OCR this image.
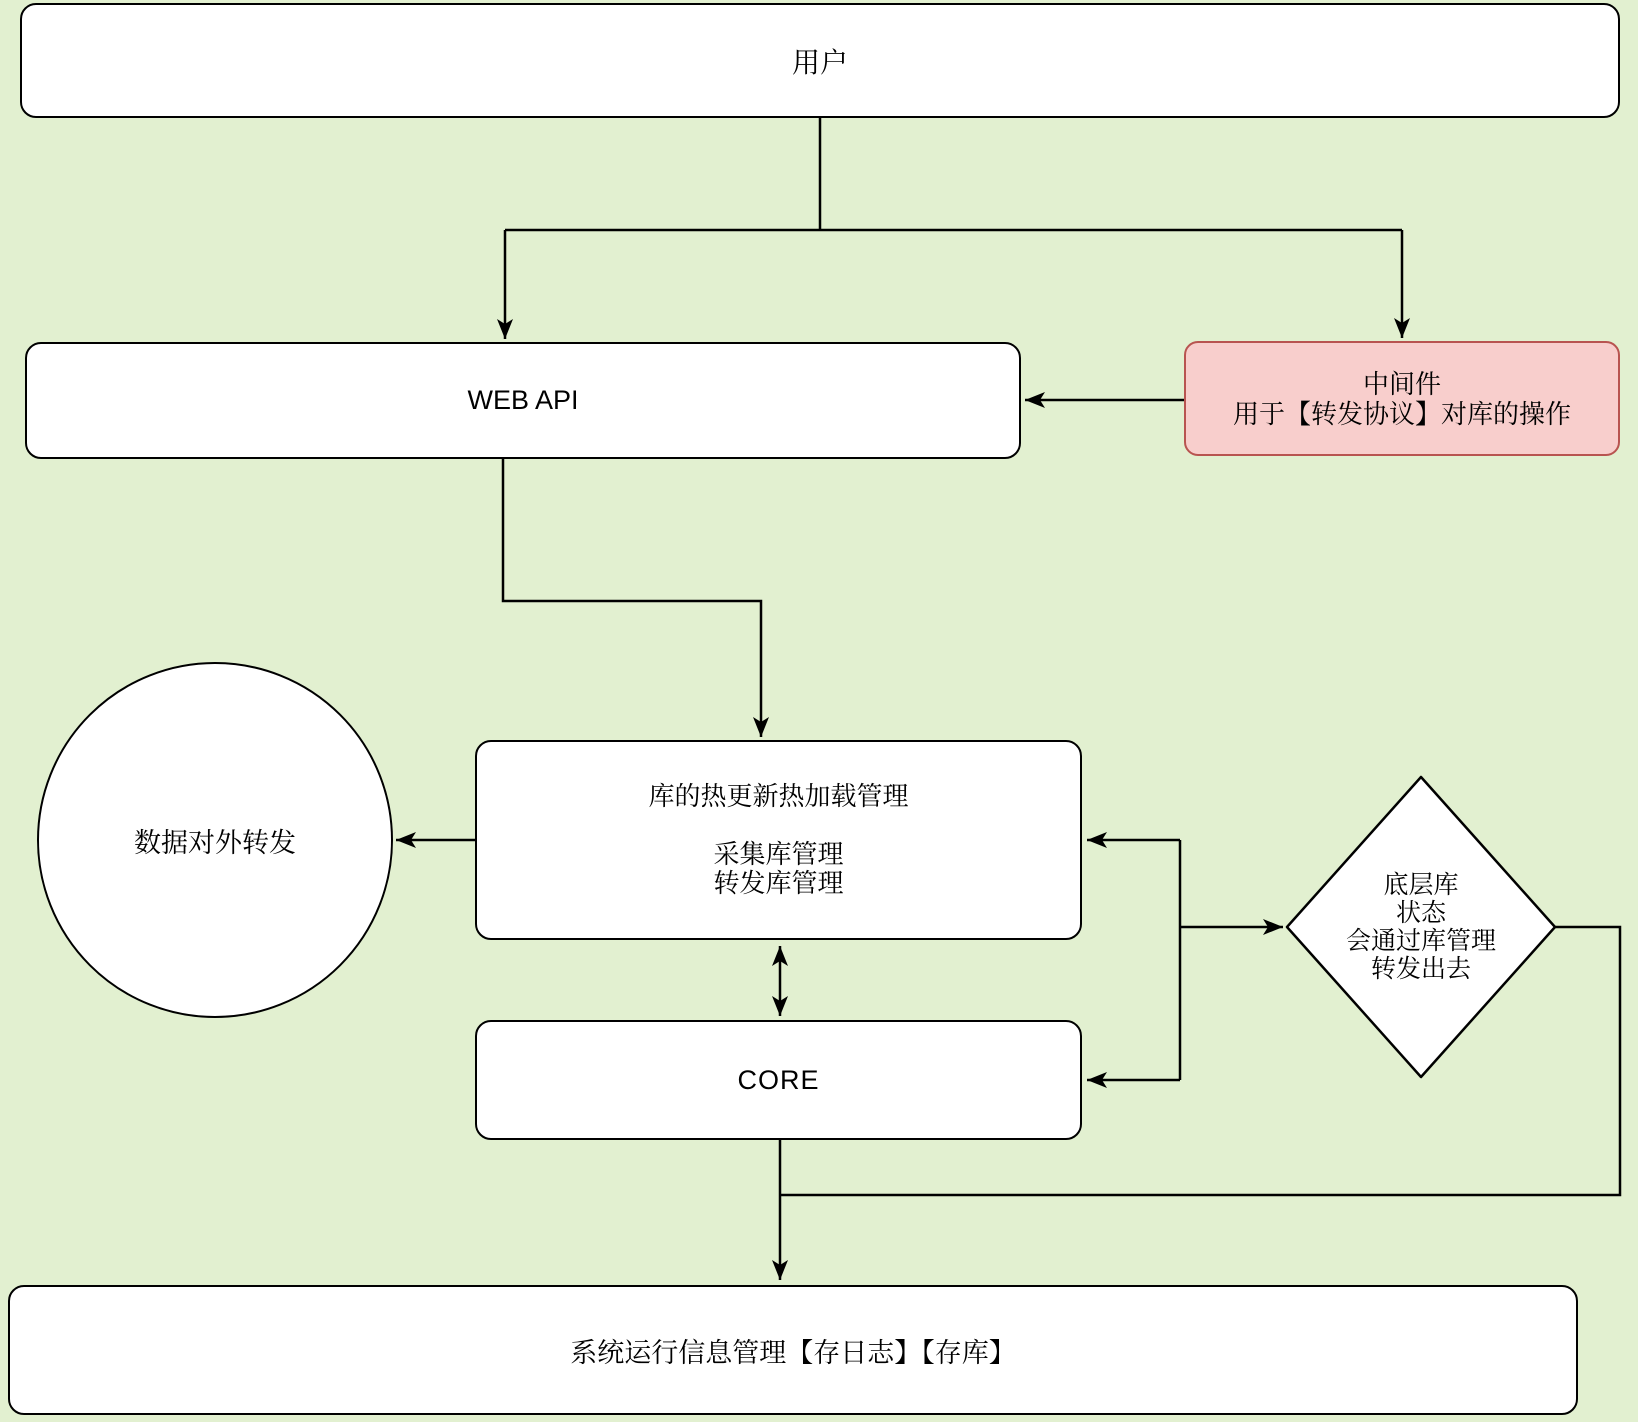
用户
WEB API
中间件
用于【转发协议】对库的操作
数据对外转发
库的热更新热加载管理
采集库管理
转发库管理
CORE
底层库
状态
会通过库管理
转发出去
系统运行信息管理【存日志】【存库】
